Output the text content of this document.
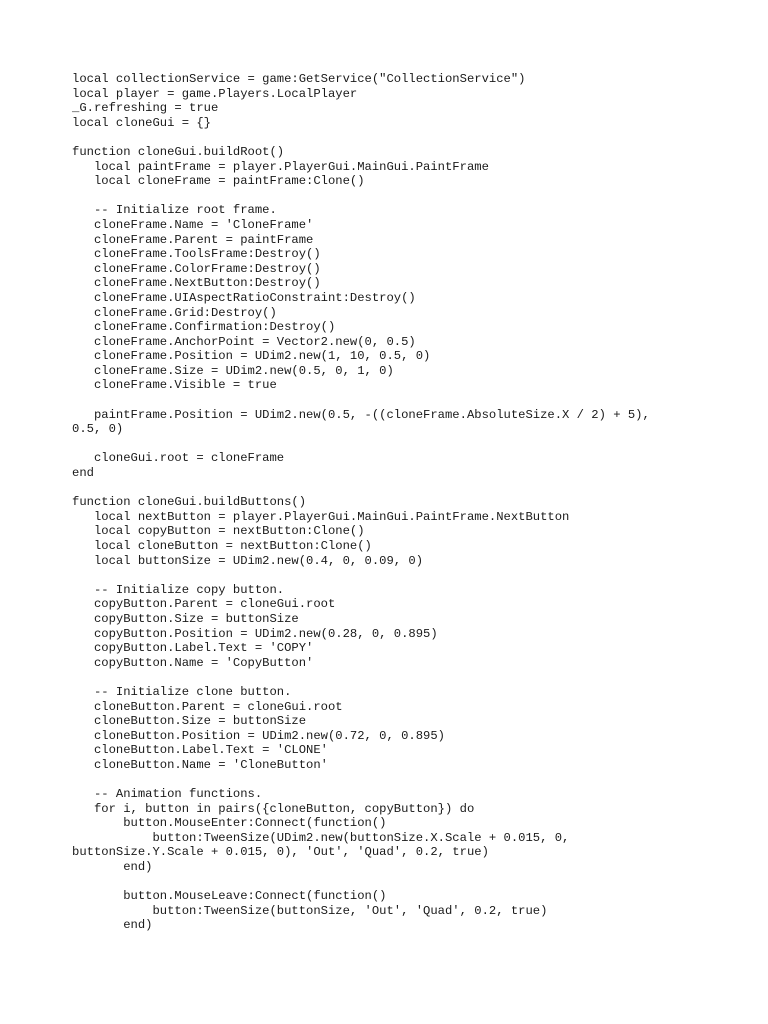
local collectionService = game:GetService("CollectionService")
local player = game.Players.LocalPlayer
_G.refreshing = true
local cloneGui = {}
function cloneGui.buildRoot()
local paintFrame = player.PlayerGui.MainGui.PaintFrame
local cloneFrame = paintFrame:Clone()
-- Initialize root frame.
cloneFrame.Name = 'CloneFrame'
cloneFrame.Parent = paintFrame
cloneFrame.ToolsFrame:Destroy()
cloneFrame.ColorFrame:Destroy()
cloneFrame.NextButton:Destroy()
cloneFrame.UIAspectRatioConstraint:Destroy()
cloneFrame.Grid:Destroy()
cloneFrame.Confirmation:Destroy()
cloneFrame.AnchorPoint = Vector2.new(0, 0.5)
cloneFrame.Position = UDim2.new(1, 10, 0.5, 0)
cloneFrame.Size = UDim2.new(0.5, 0, 1, 0)
cloneFrame.Visible = true
paintFrame.Position = UDim2.new(0.5, -((cloneFrame.AbsoluteSize.X / 2) + 5),
0.5, 0)
cloneGui.root = cloneFrame
end
function cloneGui.buildButtons()
local nextButton = player.PlayerGui.MainGui.PaintFrame.NextButton
local copyButton = nextButton:Clone()
local cloneButton = nextButton:Clone()
local buttonSize = UDim2.new(0.4, 0, 0.09, 0)
-- Initialize copy button.
copyButton.Parent = cloneGui.root
copyButton.Size = buttonSize
copyButton.Position = UDim2.new(0.28, 0, 0.895)
copyButton.Label.Text = 'COPY'
copyButton.Name = 'CopyButton'
-- Initialize clone button.
cloneButton.Parent = cloneGui.root
cloneButton.Size = buttonSize
cloneButton.Position = UDim2.new(0.72, 0, 0.895)
cloneButton.Label.Text = 'CLONE'
cloneButton.Name = 'CloneButton'
-- Animation functions.
for i, button in pairs({cloneButton, copyButton}) do
button.MouseEnter:Connect(function()
button:TweenSize(UDim2.new(buttonSize.X.Scale + 0.015, 0,
buttonSize.Y.Scale + 0.015, 0), 'Out', 'Quad', 0.2, true)
end)
button.MouseLeave:Connect(function()
button:TweenSize(buttonSize, 'Out', 'Quad', 0.2, true)
end)
